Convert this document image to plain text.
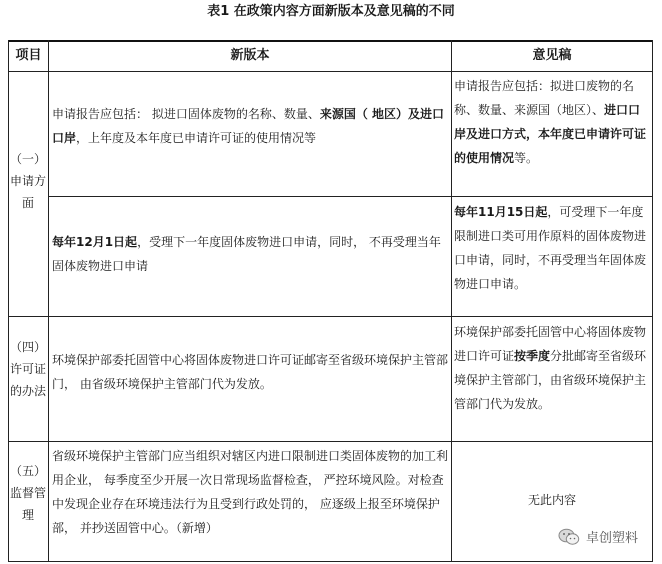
表1 在政策内容方面新版本及意见稿的不同
项目	新版本	意见稿
（一）申请方面
申请报告应包括： 拟进口固体废物的名称、数量、来源国（ 地区）及进口口岸，上年度及本年度已申请许可证的使用情况等
申请报告应包括：拟进口废物的名称、数量、来源国（地区）、进口口岸及进口方式，本年度已申请许可证的使用情况等。
每年12月1日起，受理下一年度固体废物进口申请，同时， 不再受理当年固体废物进口申请
每年11月15日起，可受理下一年度限制进口类可用作原料的固体废物进口申请，同时，不再受理当年固体废物进口申请。
（四）许可证的办法
环境保护部委托固管中心将固体废物进口许可证邮寄至省级环境保护主管部门， 由省级环境保护主管部门代为发放。
环境保护部委托固管中心将固体废物进口许可证按季度分批邮寄至省级环境保护主管部门，由省级环境保护主管部门代为发放。
（五）监督管理
省级环境保护主管部门应当组织对辖区内进口限制进口类固体废物的加工利用企业， 每季度至少开展一次日常现场监督检查， 严控环境风险。对检查中发现企业存在环境违法行为且受到行政处罚的， 应逐级上报至环境保护部， 并抄送固管中心。（新增）
无此内容
卓创塑料
